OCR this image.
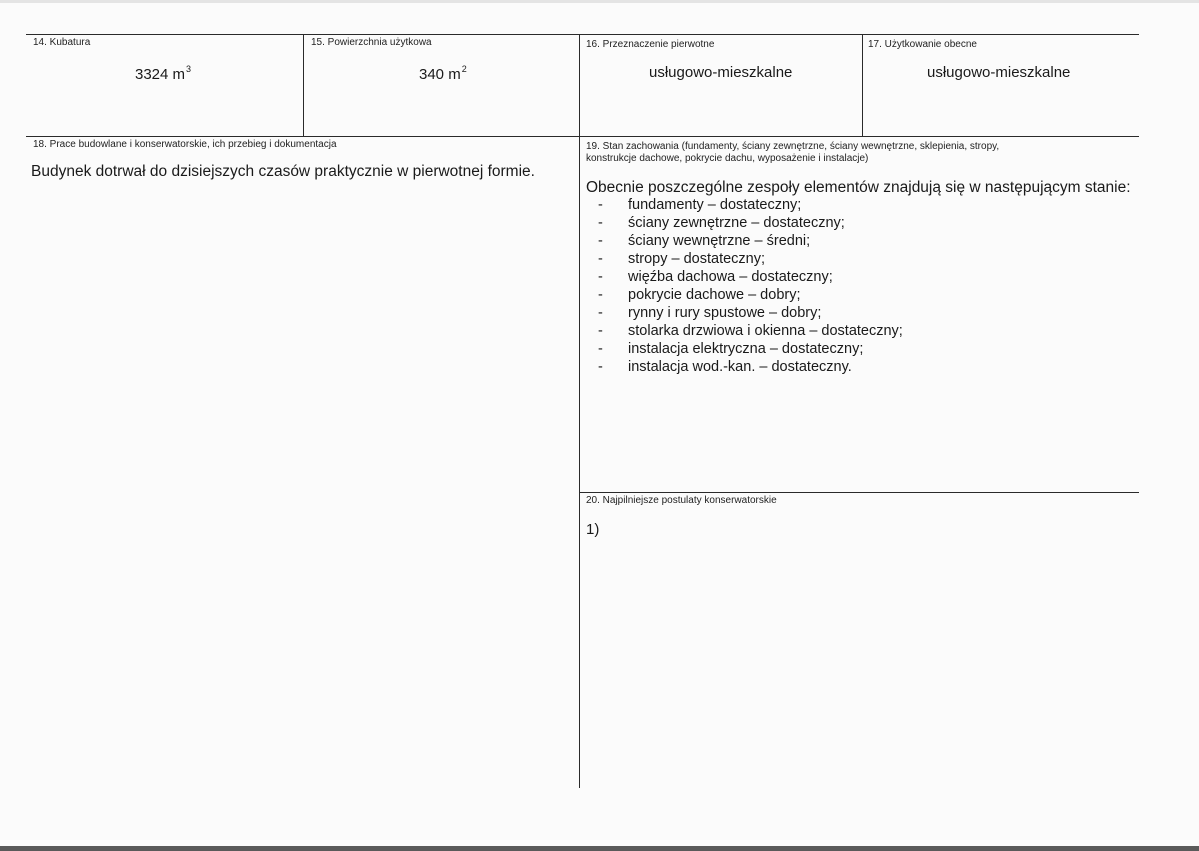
14. Kubatura
3324 $m^3$
15. Powierzchnia użytkowa
340 $m^2$
16. Przeznaczenie pierwotne
usługowo-mieszkalne
17. Użytkowanie obecne
usługowo-mieszkalne
18. Prace budowlane i konserwatorskie, ich przebieg i dokumentacja
Budynek dotrwał do dzisiejszych czasów praktycznie w pierwotnej formie.
19. Stan zachowania (fundamenty, ściany zewnętrzne, ściany wewnętrzne, sklepienia, stropy,
konstrukcje dachowe, pokrycie dachu, wyposażenie i instalacje)
Obecnie poszczególne zespoły elementów znajdują się w następującym stanie:
- fundamenty – dostateczny;
- ściany zewnętrzne – dostateczny;
- ściany wewnętrzne – średni;
- stropy – dostateczny;
- więźba dachowa – dostateczny;
- pokrycie dachowe – dobry;
- rynny i rury spustowe – dobry;
- stolarka drzwiowa i okienna – dostateczny;
- instalacja elektryczna – dostateczny;
- instalacja wod.-kan. – dostateczny.
20. Najpilniejsze postulaty konserwatorskie
1)
